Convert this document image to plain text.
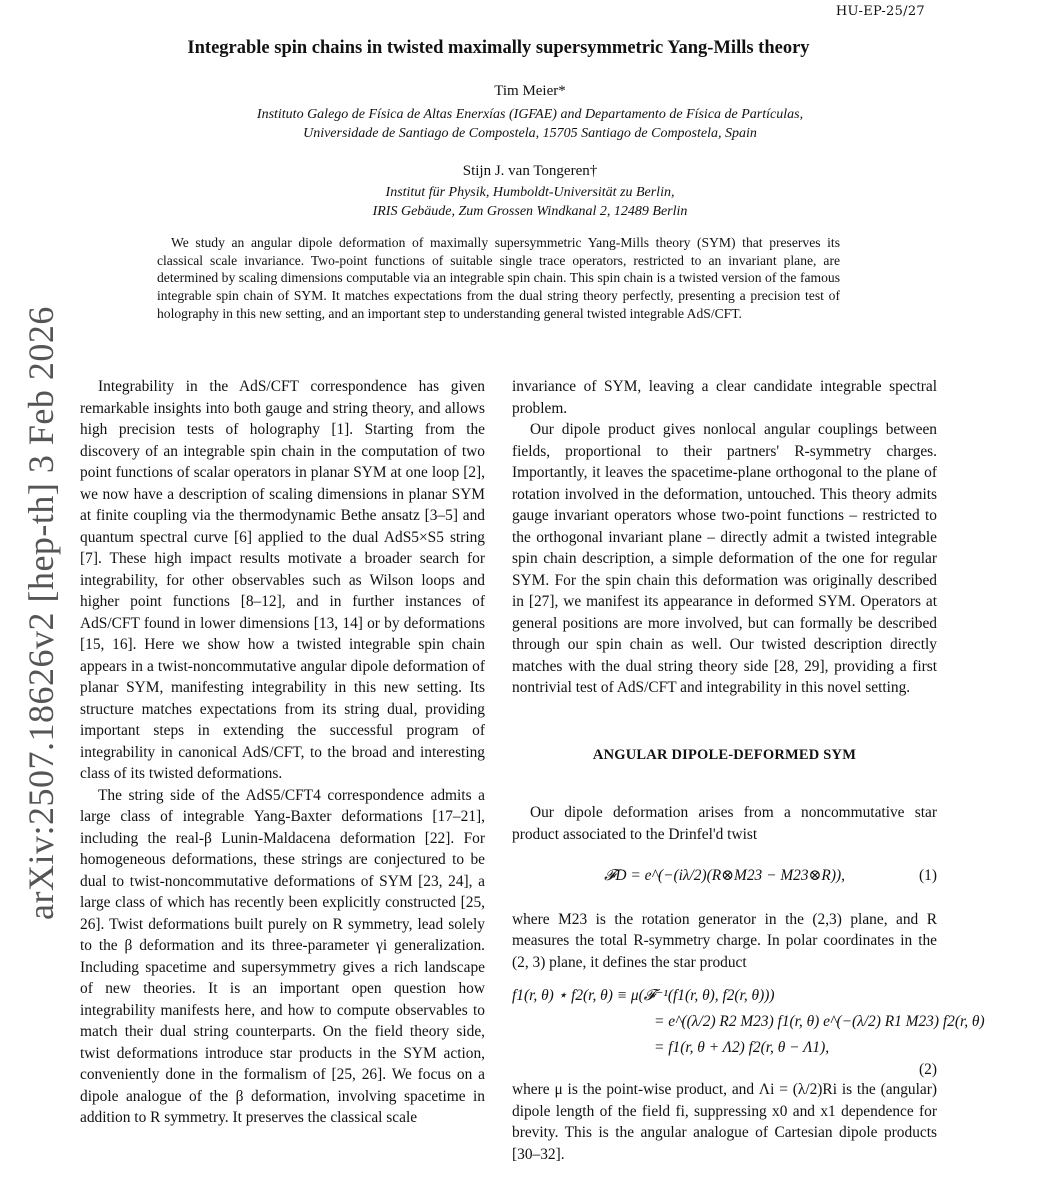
HU-EP-25/27
arXiv:2507.18626v2 [hep-th] 3 Feb 2026
Integrable spin chains in twisted maximally supersymmetric Yang-Mills theory
Tim Meier*
Instituto Galego de Física de Altas Enerxías (IGFAE) and Departamento de Física de Partículas,
Universidade de Santiago de Compostela, 15705 Santiago de Compostela, Spain
Stijn J. van Tongeren†
Institut für Physik, Humboldt-Universität zu Berlin,
IRIS Gebäude, Zum Grossen Windkanal 2, 12489 Berlin
We study an angular dipole deformation of maximally supersymmetric Yang-Mills theory (SYM) that preserves its classical scale invariance. Two-point functions of suitable single trace operators, restricted to an invariant plane, are determined by scaling dimensions computable via an integrable spin chain. This spin chain is a twisted version of the famous integrable spin chain of SYM. It matches expectations from the dual string theory perfectly, presenting a precision test of holography in this new setting, and an important step to understanding general twisted integrable AdS/CFT.

Integrability in the AdS/CFT correspondence has given remarkable insights into both gauge and string theory, and allows high precision tests of holography [1]. Starting from the discovery of an integrable spin chain in the computation of two point functions of scalar operators in planar SYM at one loop [2], we now have a description of scaling dimensions in planar SYM at finite coupling via the thermodynamic Bethe ansatz [3–5] and quantum spectral curve [6] applied to the dual AdS5×S5 string [7]. These high impact results motivate a broader search for integrability, for other observables such as Wilson loops and higher point functions [8–12], and in further instances of AdS/CFT found in lower dimensions [13, 14] or by deformations [15, 16]. Here we show how a twisted integrable spin chain appears in a twist-noncommutative angular dipole deformation of planar SYM, manifesting integrability in this new setting. Its structure matches expectations from its string dual, providing important steps in extending the successful program of integrability in canonical AdS/CFT, to the broad and interesting class of its twisted deformations.

The string side of the AdS5/CFT4 correspondence admits a large class of integrable Yang-Baxter deformations [17–21], including the real-β Lunin-Maldacena deformation [22]. For homogeneous deformations, these strings are conjectured to be dual to twist-noncommutative deformations of SYM [23, 24], a large class of which has recently been explicitly constructed [25, 26]. Twist deformations built purely on R symmetry, lead solely to the β deformation and its three-parameter γi generalization. Including spacetime and supersymmetry gives a rich landscape of new theories. It is an important open question how integrability manifests here, and how to compute observables to match their dual string counterparts. On the field theory side, twist deformations introduce star products in the SYM action, conveniently done in the formalism of [25, 26]. We focus on a dipole analogue of the β deformation, involving spacetime in addition to R symmetry. It preserves the classical scale

invariance of SYM, leaving a clear candidate integrable spectral problem.

Our dipole product gives nonlocal angular couplings between fields, proportional to their partners' R-symmetry charges. Importantly, it leaves the spacetime-plane orthogonal to the plane of rotation involved in the deformation, untouched. This theory admits gauge invariant operators whose two-point functions – restricted to the orthogonal invariant plane – directly admit a twisted integrable spin chain description, a simple deformation of the one for regular SYM. For the spin chain this deformation was originally described in [27], we manifest its appearance in deformed SYM. Operators at general positions are more involved, but can formally be described through our spin chain as well. Our twisted description directly matches with the dual string theory side [28, 29], providing a first nontrivial test of AdS/CFT and integrability in this novel setting.

ANGULAR DIPOLE-DEFORMED SYM

Our dipole deformation arises from a noncommutative star product associated to the Drinfel'd twist

𝓕D = e^(−(iλ/2)(R⊗M23 − M23⊗R)),	(1)

where M23 is the rotation generator in the (2,3) plane, and R measures the total R-symmetry charge. In polar coordinates in the (2, 3) plane, it defines the star product

f1(r, θ) ⋆ f2(r, θ) ≡ μ(𝓕⁻¹(f1(r, θ), f2(r, θ)))
= e^((λ/2) R2 M23) f1(r, θ) e^(−(λ/2) R1 M23) f2(r, θ)
= f1(r, θ + Λ2) f2(r, θ − Λ1),
(2)

where μ is the point-wise product, and Λi = (λ/2)Ri is the (angular) dipole length of the field fi, suppressing x0 and x1 dependence for brevity. This is the angular analogue of Cartesian dipole products [30–32].
